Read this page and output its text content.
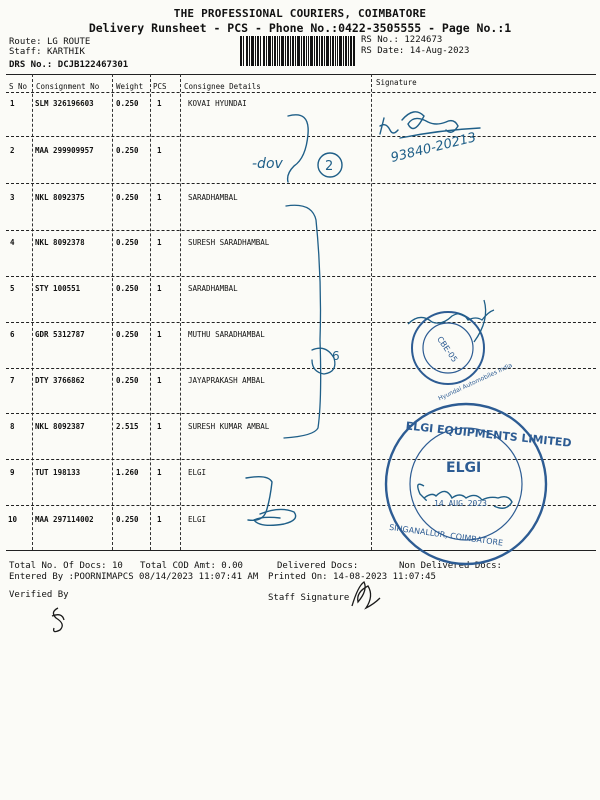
THE PROFESSIONAL COURIERS, COIMBATORE
Delivery Runsheet - PCS - Phone No.:0422-3505555 - Page No.:1
Route: LG ROUTE
Staff: KARTHIK
DRS No.: DCJB122467301
RS No.: 1224673
RS Date: 14-Aug-2023
S No Consignment No Weight PCS Consignee Details	Signature
1	SLM 326196603	0.250 1	KOVAI HYUNDAI
2	MAA 299909957	0.250 1
3	NKL 8092375	0.250 1	SARADHAMBAL
4	NKL 8092378	0.250 1	SURESH SARADHAMBAL
5	STY 100551	0.250 1	SARADHAMBAL
6	GDR 5312787	0.250 1	MUTHU SARADHAMBAL
7	DTY 3766862	0.250 1	JAYAPRAKASH AMBAL
8	NKL 8092387	2.515 1	SURESH KUMAR AMBAL
9	TUT 198133	1.260 1	ELGI
10 MAA 297114002	0.250 1	ELGI
Total No. Of Docs: 10 Total COD Amt: 0.00	Delivered Docs:	Non Delivered Docs:
Entered By :POORNIMAPCS 08/14/2023 11:07:41 AM Printed On: 14-08-2023 11:07:45
Verified By	Staff Signature
93840-20213
-dov	2
6	CBE-05
Hyundai Automobiles India
ELGI EQUIPMENTS LIMITED
ELGI
14 AUG 2023
SINGANALLUR, COIMBATORE
